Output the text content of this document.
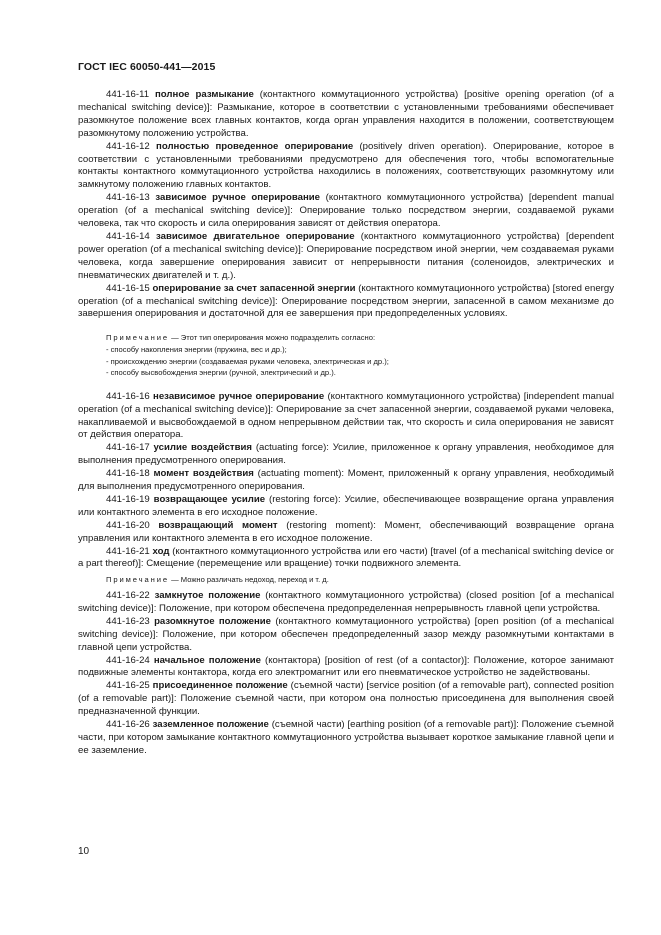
ГОСТ IEC 60050-441—2015

441-16-11 полное размыкание (контактного коммутационного устройства) [positive opening operation (of a mechanical switching device)]: Размыкание, которое в соответствии с установленными требованиями обеспечивает разомкнутое положение всех главных контактов, когда орган управления находится в положении, соответствующем разомкнутому положению устройства.

441-16-12 полностью проведенное оперирование (positively driven operation). Оперирование, которое в соответствии с установленными требованиями предусмотрено для обеспечения того, чтобы вспомогательные контакты контактного коммутационного устройства находились в положениях, соответствующих разомкнутому или замкнутому положению главных контактов.

441-16-13 зависимое ручное оперирование (контактного коммутационного устройства) [dependent manual operation (of a mechanical switching device)]: Оперирование только посредством энергии, создаваемой руками человека, так что скорость и сила оперирования зависят от действия оператора.

441-16-14 зависимое двигательное оперирование (контактного коммутационного устройства) [dependent power operation (of a mechanical switching device)]: Оперирование посредством иной энергии, чем создаваемая руками человека, когда завершение оперирования зависит от непрерывности питания (соленоидов, электрических и пневматических двигателей и т. д.).

441-16-15 оперирование за счет запасенной энергии (контактного коммутационного устройства) [stored energy operation (of a mechanical switching device)]: Оперирование посредством энергии, запасенной в самом механизме до завершения оперирования и достаточной для ее завершения при предопределенных условиях.

Примечание — Этот тип оперирования можно подразделить согласно:

- способу накопления энергии (пружина, вес и др.);

- происхождению энергии (создаваемая руками человека, электрическая и др.);

- способу высвобождения энергии (ручной, электрический и др.).

441-16-16 независимое ручное оперирование (контактного коммутационного устройства) [independent manual operation (of a mechanical switching device)]: Оперирование за счет запасенной энергии, создаваемой руками человека, накапливаемой и высвобождаемой в одном непрерывном действии так, что скорость и сила оперирования не зависят от действия оператора.

441-16-17 усилие воздействия (actuating force): Усилие, приложенное к органу управления, необходимое для выполнения предусмотренного оперирования.

441-16-18 момент воздействия (actuating moment): Момент, приложенный к органу управления, необходимый для выполнения предусмотренного оперирования.

441-16-19 возвращающее усилие (restoring force): Усилие, обеспечивающее возвращение органа управления или контактного элемента в его исходное положение.

441-16-20 возвращающий момент (restoring moment): Момент, обеспечивающий возвращение органа управления или контактного элемента в его исходное положение.

441-16-21 ход (контактного коммутационного устройства или его части) [travel (of a mechanical switching device or a part thereof)]: Смещение (перемещение или вращение) точки подвижного элемента.

Примечание — Можно различать недоход, переход и т. д.

441-16-22 замкнутое положение (контактного коммутационного устройства) (closed position [of a mechanical switching device)]: Положение, при котором обеспечена предопределенная непрерывность главной цепи устройства.

441-16-23 разомкнутое положение (контактного коммутационного устройства) [open position (of a mechanical switching device)]: Положение, при котором обеспечен предопределенный зазор между разомкнутыми контактами в главной цепи устройства.

441-16-24 начальное положение (контактора) [position of rest (of a contactor)]: Положение, которое занимают подвижные элементы контактора, когда его электромагнит или его пневматическое устройство не задействованы.

441-16-25 присоединенное положение (съемной части) [service position (of a removable part), connected position (of a removable part)]: Положение съемной части, при котором она полностью присоединена для выполнения своей предназначенной функции.

441-16-26 заземленное положение (съемной части) [earthing position (of a removable part)]: Положение съемной части, при котором замыкание контактного коммутационного устройства вызывает короткое замыкание главной цепи и ее заземление.

10
